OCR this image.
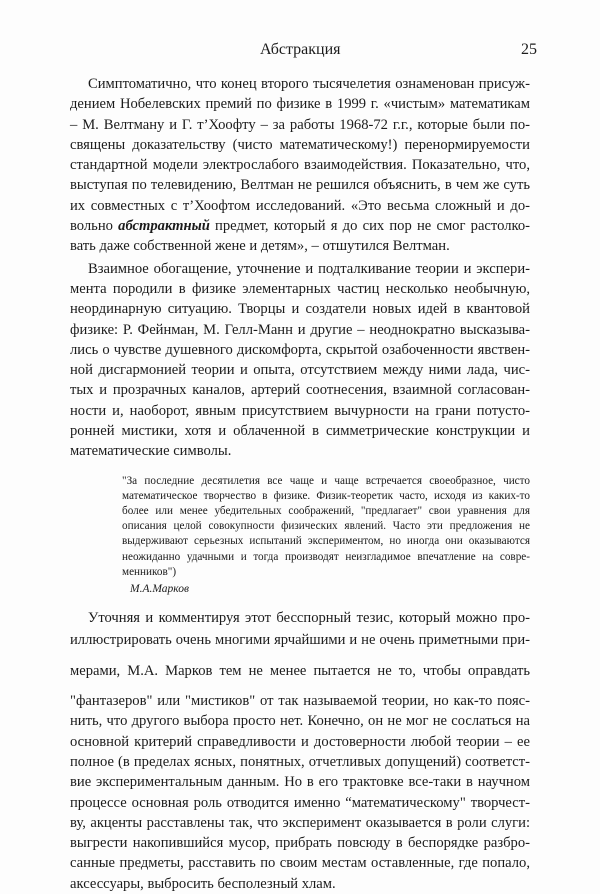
Абстракция	25

Симптоматично, что конец второго тысячелетия ознаменован присуж-
дением Нобелевских премий по физике в 1999 г. «чистым» математикам
– М. Велтману и Г. т’Хоофту – за работы 1968-72 г.г., которые были по-
священы доказательству (чисто математическому!) перенормируемости
стандартной модели электрослабого взаимодействия. Показательно, что,
выступая по телевидению, Велтман не решился объяснить, в чем же суть
их совместных с т’Хоофтом исследований. «Это весьма сложный и до-
вольно абстрактный предмет, который я до сих пор не смог растолко-
вать даже собственной жене и детям», – отшутился Велтман.

Взаимное обогащение, уточнение и подталкивание теории и экспери-
мента породили в физике элементарных частиц несколько необычную,
неординарную ситуацию. Творцы и создатели новых идей в квантовой
физике: Р. Фейнман, М. Гелл-Манн и другие – неоднократно высказыва-
лись о чувстве душевного дискомфорта, скрытой озабоченности явствен-
ной дисгармонией теории и опыта, отсутствием между ними лада, чис-
тых и прозрачных каналов, артерий соотнесения, взаимной согласован-
ности и, наоборот, явным присутствием вычурности на грани потусто-
ронней мистики, хотя и облаченной в симметрические конструкции и
математические символы.

"За последние десятилетия все чаще и чаще встречается своеобразное, чисто
математическое творчество в физике. Физик-теоретик часто, исходя из каких-то
более или менее убедительных соображений, "предлагает" свои уравнения для
описания целой совокупности физических явлений. Часто эти предложения не
выдерживают серьезных испытаний экспериментом, но иногда они оказываются
неожиданно удачными и тогда производят неизгладимое впечатление на совре-
менников")
М.А.Марков

Уточняя и комментируя этот бесспорный тезис, который можно про-
иллюстрировать очень многими ярчайшими и не очень приметными при-
мерами, М.А. Марков тем не менее пытается не то, чтобы оправдать
"фантазеров" или "мистиков" от так называемой теории, но как-то пояс-
нить, что другого выбора просто нет. Конечно, он не мог не сослаться на
основной критерий справедливости и достоверности любой теории – ее
полное (в пределах ясных, понятных, отчетливых допущений) соответст-
вие экспериментальным данным. Но в его трактовке все-таки в научном
процессе основная роль отводится именно “математическому" творчест-
ву, акценты расставлены так, что эксперимент оказывается в роли слуги:
выгрести накопившийся мусор, прибрать повсюду в беспорядке разбро-
санные предметы, расставить по своим местам оставленные, где попало,
аксессуары, выбросить бесполезный хлам.
